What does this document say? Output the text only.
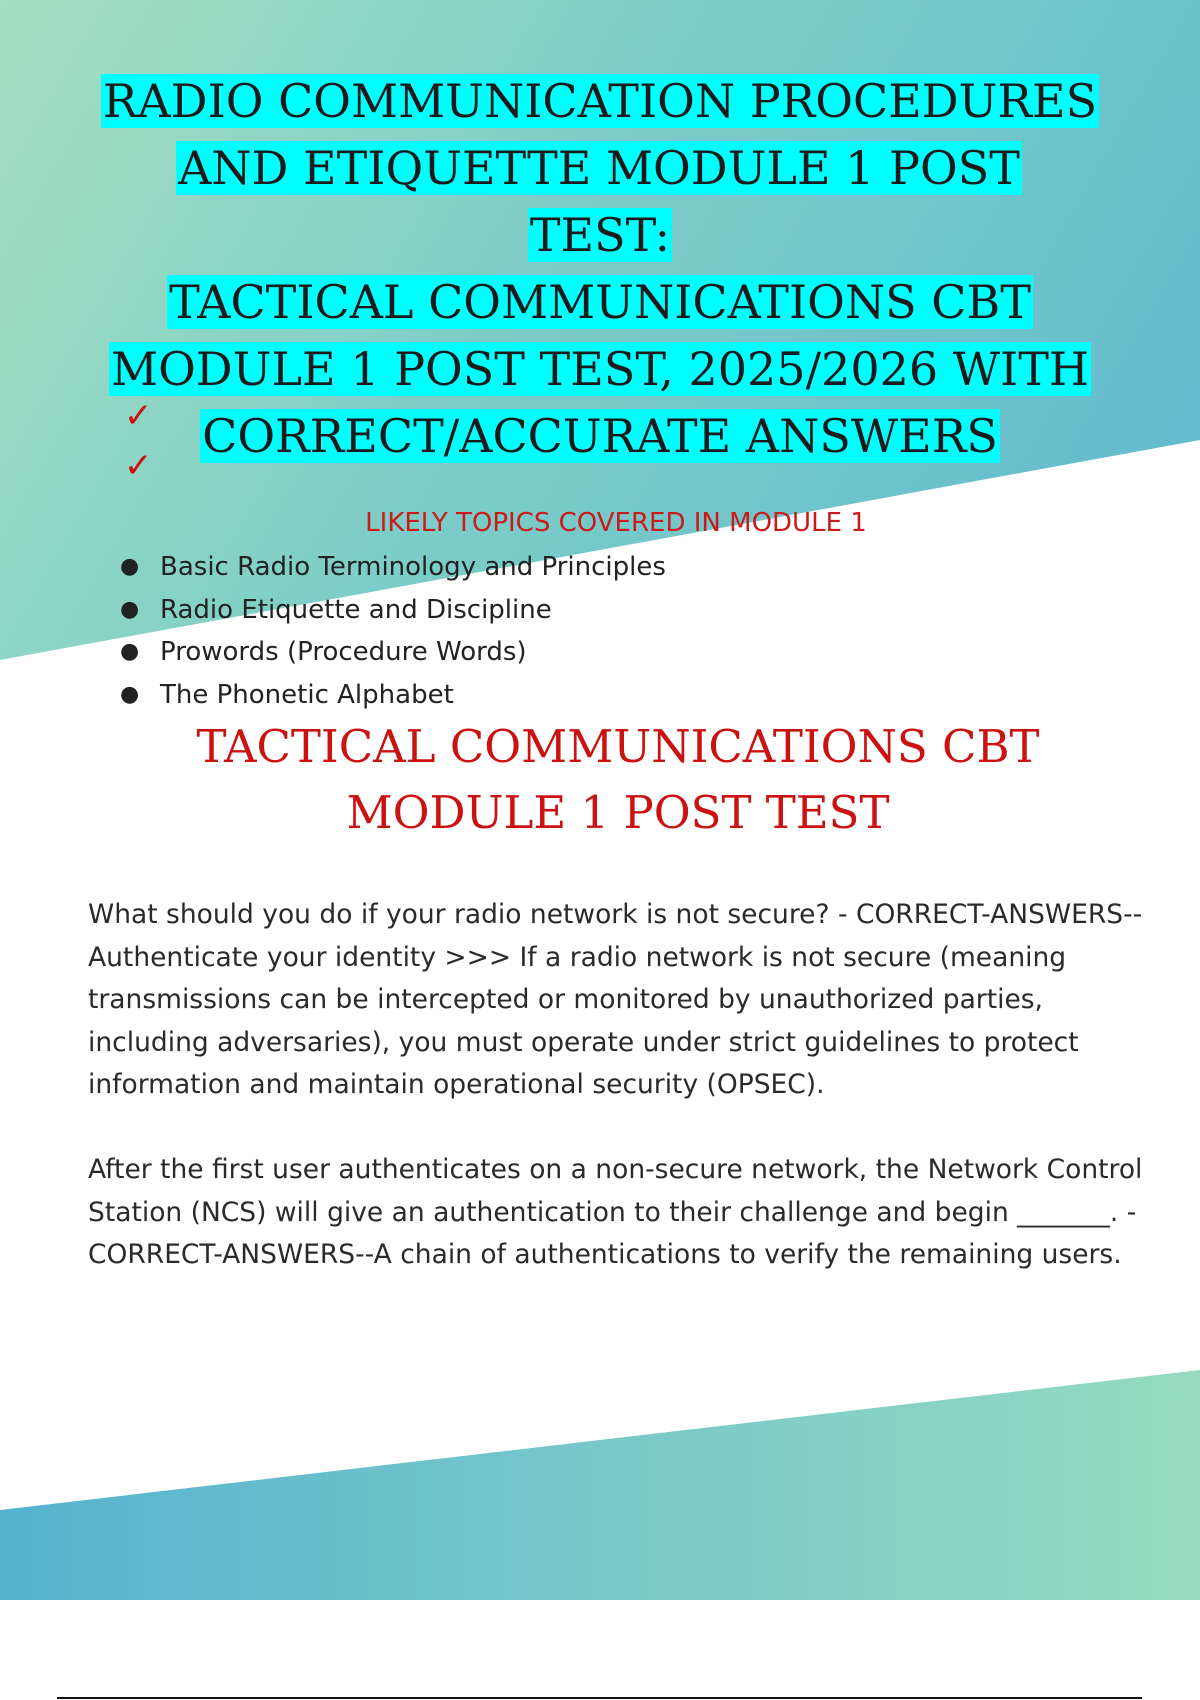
RADIO COMMUNICATION PROCEDURES
AND ETIQUETTE MODULE 1 POST TEST:
TACTICAL COMMUNICATIONS CBT
MODULE 1 POST TEST, 2025/2026 WITH
CORRECT/ACCURATE ANSWERS
✓
✓
LIKELY TOPICS COVERED IN MODULE 1
● Basic Radio Terminology and Principles
● Radio Etiquette and Discipline
● Prowords (Procedure Words)
● The Phonetic Alphabet
TACTICAL COMMUNICATIONS CBT
MODULE 1 POST TEST

What should you do if your radio network is not secure? - CORRECT-ANSWERS--Authenticate your identity >>> If a radio network is not secure (meaning transmissions can be intercepted or monitored by unauthorized parties, including adversaries), you must operate under strict guidelines to protect information and maintain operational security (OPSEC).

After the first user authenticates on a non-secure network, the Network Control Station (NCS) will give an authentication to their challenge and begin _______. - CORRECT-ANSWERS--A chain of authentications to verify the remaining users.
